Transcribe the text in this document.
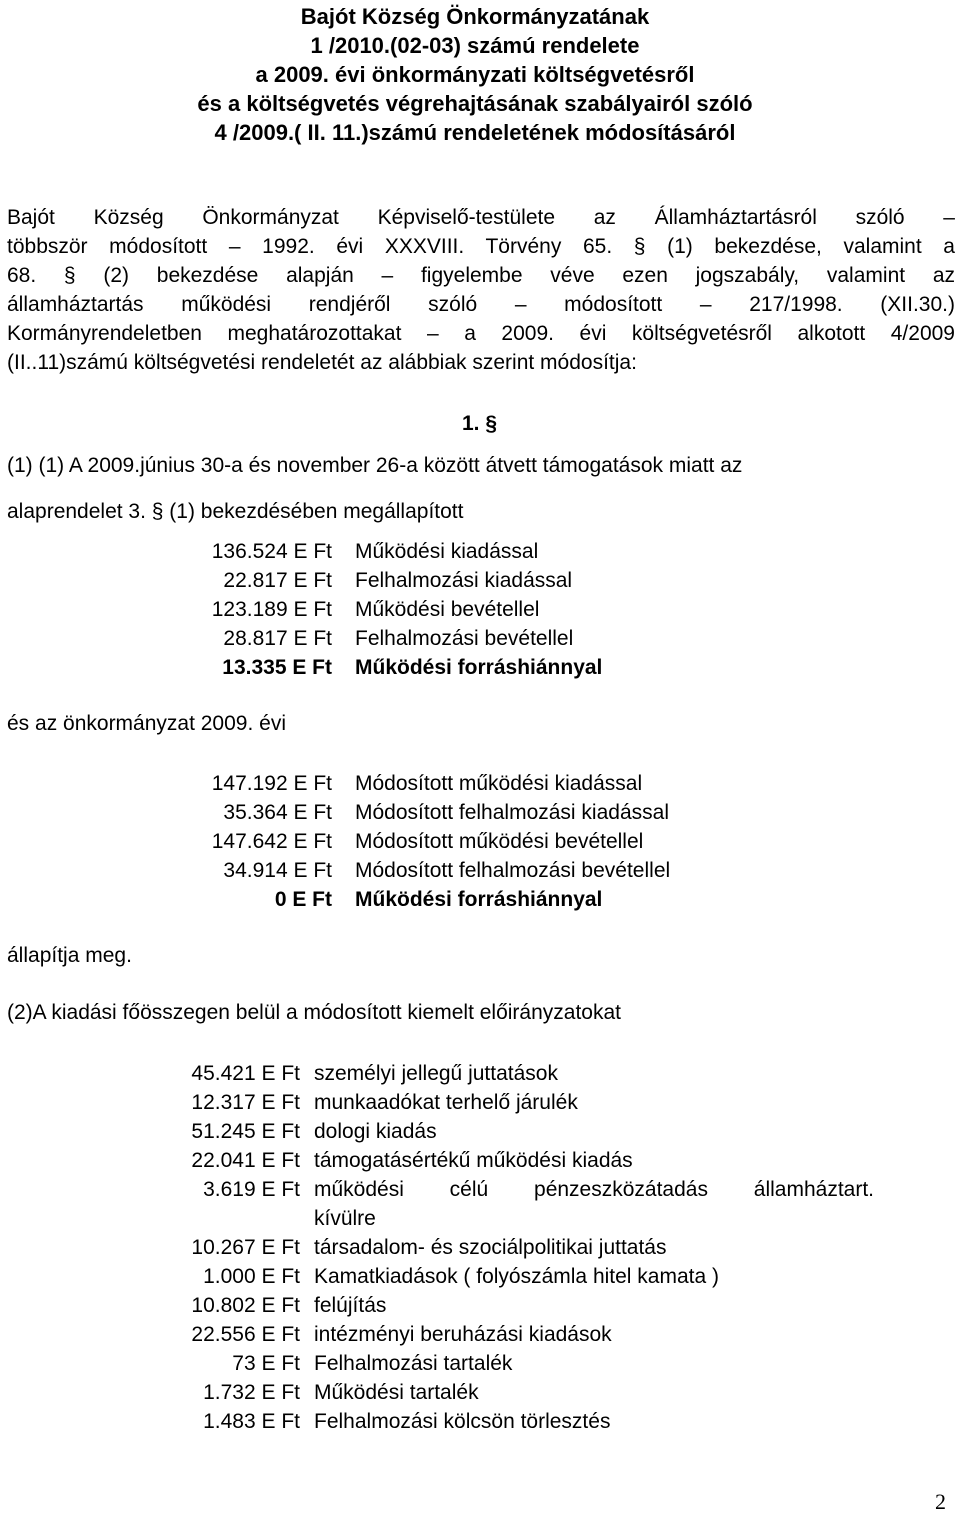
Bajót Község Önkormányzatának
1 /2010.(02-03) számú rendelete
a 2009. évi önkormányzati költségvetésről
és a költségvetés végrehajtásának szabályairól szóló
4 /2009.( II. 11.)számú rendeletének módosításáról
Bajót Község Önkormányzat Képviselő-testülete az Államháztartásról szóló –
többször módosított – 1992. évi XXXVIII. Törvény 65. § (1) bekezdése, valamint a
68. § (2) bekezdése alapján – figyelembe véve ezen jogszabály, valamint az
államháztartás működési rendjéről szóló – módosított – 217/1998. (XII.30.)
Kormányrendeletben meghatározottakat – a 2009. évi költségvetésről alkotott 4/2009
(II..11)számú költségvetési rendeletét az alábbiak szerint módosítja:
1. §
(1) (1) A 2009.június 30-a és november 26-a között átvett támogatások miatt az
alaprendelet 3. § (1) bekezdésében megállapított
136.524 E Ft	Működési kiadással
22.817 E Ft	Felhalmozási kiadással
123.189 E Ft	Működési bevétellel
28.817 E Ft	Felhalmozási bevétellel
13.335 E Ft	Működési forráshiánnyal
és az önkormányzat 2009. évi
147.192 E Ft	Módosított működési kiadással
35.364 E Ft	Módosított felhalmozási kiadással
147.642 E Ft	Módosított működési bevétellel
34.914 E Ft	Módosított felhalmozási bevétellel
0 E Ft	Működési forráshiánnyal
állapítja meg.
(2)A kiadási főösszegen belül a módosított kiemelt előirányzatokat
45.421 E Ft	személyi jellegű juttatások
12.317 E Ft	munkaadókat terhelő járulék
51.245 E Ft	dologi kiadás
22.041 E Ft	támogatásértékű működési kiadás
3.619 E Ft	működési célú pénzeszközátadás államháztart.
kívülre

10.267 E Ft	társadalom- és szociálpolitikai juttatás
1.000 E Ft	Kamatkiadások ( folyószámla hitel kamata )
10.802 E Ft	felújítás
22.556 E Ft	intézményi beruházási kiadások
73 E Ft	Felhalmozási tartalék
1.732 E Ft	Működési tartalék
1.483 E Ft	Felhalmozási kölcsön törlesztés
2
